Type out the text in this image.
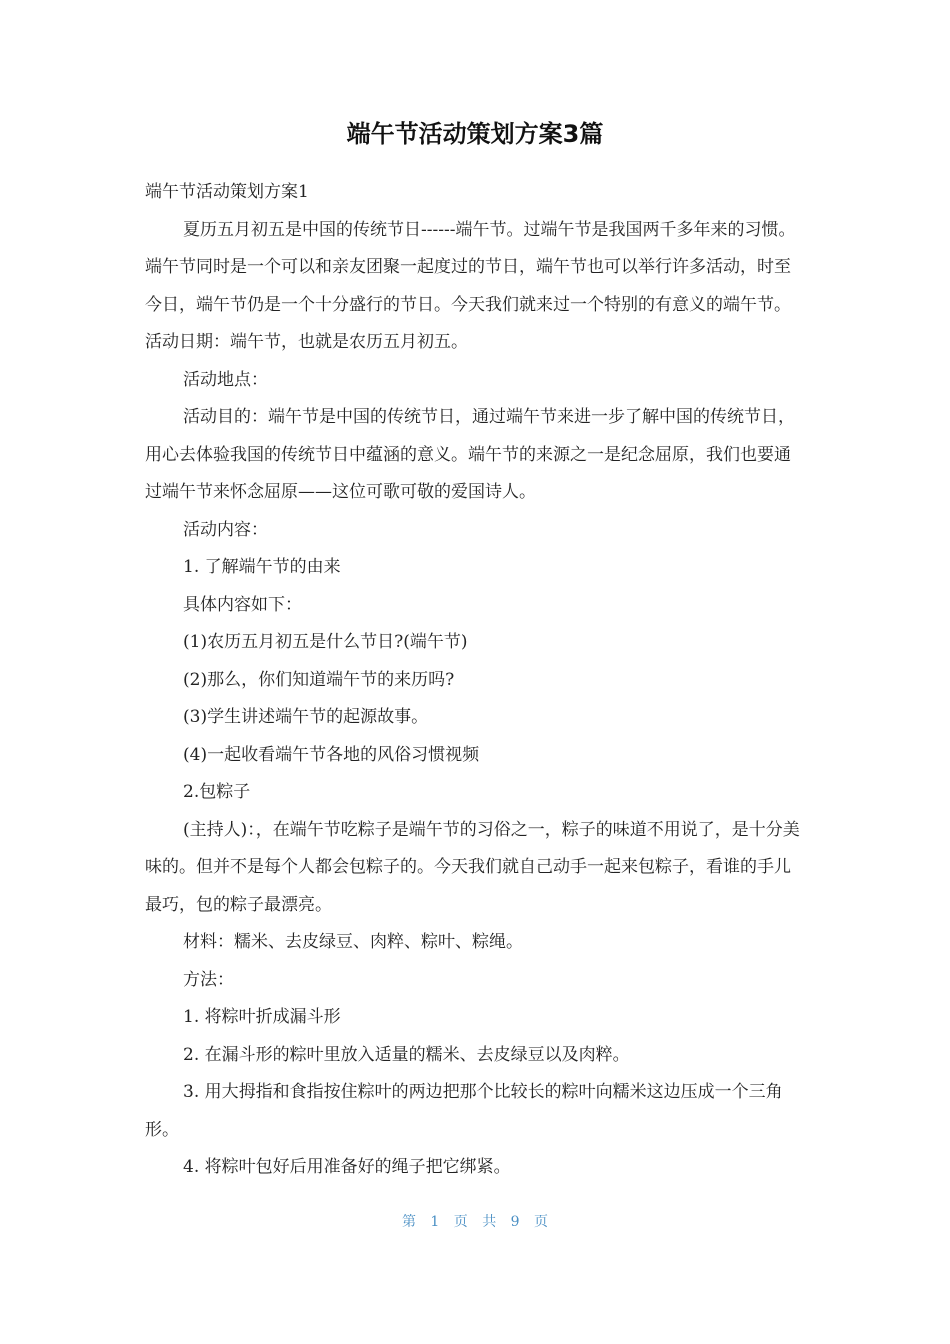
端午节活动策划方案3篇

端午节活动策划方案1

夏历五月初五是中国的传统节日------端午节。过端午节是我国两千多年来的习惯。端午节同时是一个可以和亲友团聚一起度过的节日，端午节也可以举行许多活动，时至今日，端午节仍是一个十分盛行的节日。今天我们就来过一个特别的有意义的端午节。 活动日期：端午节，也就是农历五月初五。

活动地点：

活动目的：端午节是中国的传统节日，通过端午节来进一步了解中国的传统节日，用心去体验我国的传统节日中蕴涵的意义。端午节的来源之一是纪念屈原，我们也要通过端午节来怀念屈原——这位可歌可敬的爱国诗人。

活动内容：

1. 了解端午节的由来

具体内容如下：

(1)农历五月初五是什么节日?(端午节)

(2)那么，你们知道端午节的来历吗?

(3)学生讲述端午节的起源故事。

(4)一起收看端午节各地的风俗习惯视频

2.包粽子

(主持人)：，在端午节吃粽子是端午节的习俗之一，粽子的味道不用说了，是十分美味的。但并不是每个人都会包粽子的。今天我们就自己动手一起来包粽子，看谁的手儿最巧，包的粽子最漂亮。

材料：糯米、去皮绿豆、肉粹、粽叶、粽绳。

方法：

1. 将粽叶折成漏斗形

2. 在漏斗形的粽叶里放入适量的糯米、去皮绿豆以及肉粹。

3. 用大拇指和食指按住粽叶的两边把那个比较长的粽叶向糯米这边压成一个三角形。

4. 将粽叶包好后用准备好的绳子把它绑紧。

第 1 页 共 9 页
